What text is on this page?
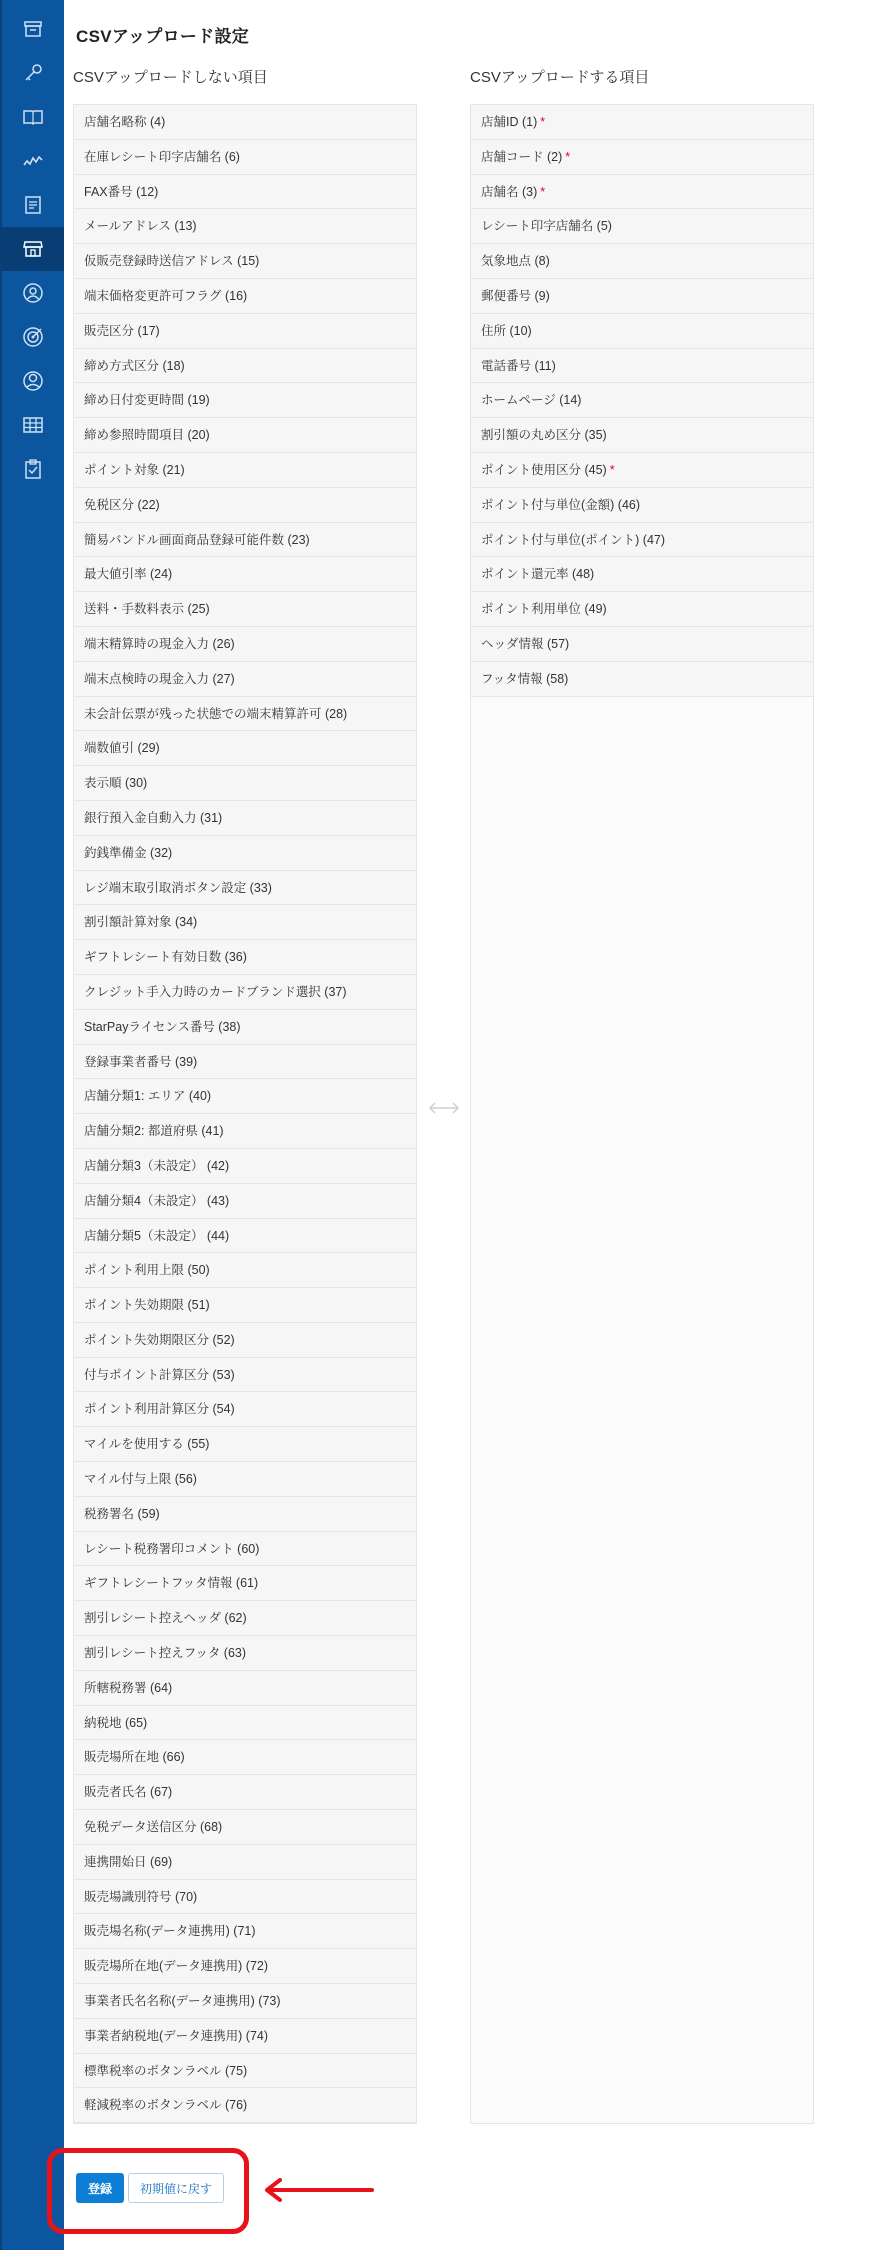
CSVアップロード設定
CSVアップロードしない項目	CSVアップロードする項目
店舗名略称 (4)
在庫レシート印字店舗名 (6)
FAX番号 (12)
メールアドレス (13)
仮販売登録時送信アドレス (15)
端末価格変更許可フラグ (16)
販売区分 (17)
締め方式区分 (18)
締め日付変更時間 (19)
締め参照時間項目 (20)
ポイント対象 (21)
免税区分 (22)
簡易バンドル画面商品登録可能件数 (23)
最大値引率 (24)
送料・手数料表示 (25)
端末精算時の現金入力 (26)
端末点検時の現金入力 (27)
未会計伝票が残った状態での端末精算許可 (28)
端数値引 (29)
表示順 (30)
銀行預入金自動入力 (31)
釣銭準備金 (32)
レジ端末取引取消ボタン設定 (33)
割引額計算対象 (34)
ギフトレシート有効日数 (36)
クレジット手入力時のカードブランド選択 (37)
StarPayライセンス番号 (38)
登録事業者番号 (39)
店舗分類1: エリア (40)
店舗分類2: 都道府県 (41)
店舗分類3（未設定） (42)
店舗分類4（未設定） (43)
店舗分類5（未設定） (44)
ポイント利用上限 (50)
ポイント失効期限 (51)
ポイント失効期限区分 (52)
付与ポイント計算区分 (53)
ポイント利用計算区分 (54)
マイルを使用する (55)
マイル付与上限 (56)
税務署名 (59)
レシート税務署印コメント (60)
ギフトレシートフッタ情報 (61)
割引レシート控えヘッダ (62)
割引レシート控えフッタ (63)
所轄税務署 (64)
納税地 (65)
販売場所在地 (66)
販売者氏名 (67)
免税データ送信区分 (68)
連携開始日 (69)
販売場識別符号 (70)
販売場名称(データ連携用) (71)
販売場所在地(データ連携用) (72)
事業者氏名名称(データ連携用) (73)
事業者納税地(データ連携用) (74)
標準税率のボタンラベル (75)
軽減税率のボタンラベル (76)
店舗ID (1) *
店舗コード (2) *
店舗名 (3) *
レシート印字店舗名 (5)
気象地点 (8)
郵便番号 (9)
住所 (10)
電話番号 (11)
ホームページ (14)
割引額の丸め区分 (35)
ポイント使用区分 (45) *
ポイント付与単位(金額) (46)
ポイント付与単位(ポイント) (47)
ポイント還元率 (48)
ポイント利用単位 (49)
ヘッダ情報 (57)
フッタ情報 (58)
登録	初期値に戻す
